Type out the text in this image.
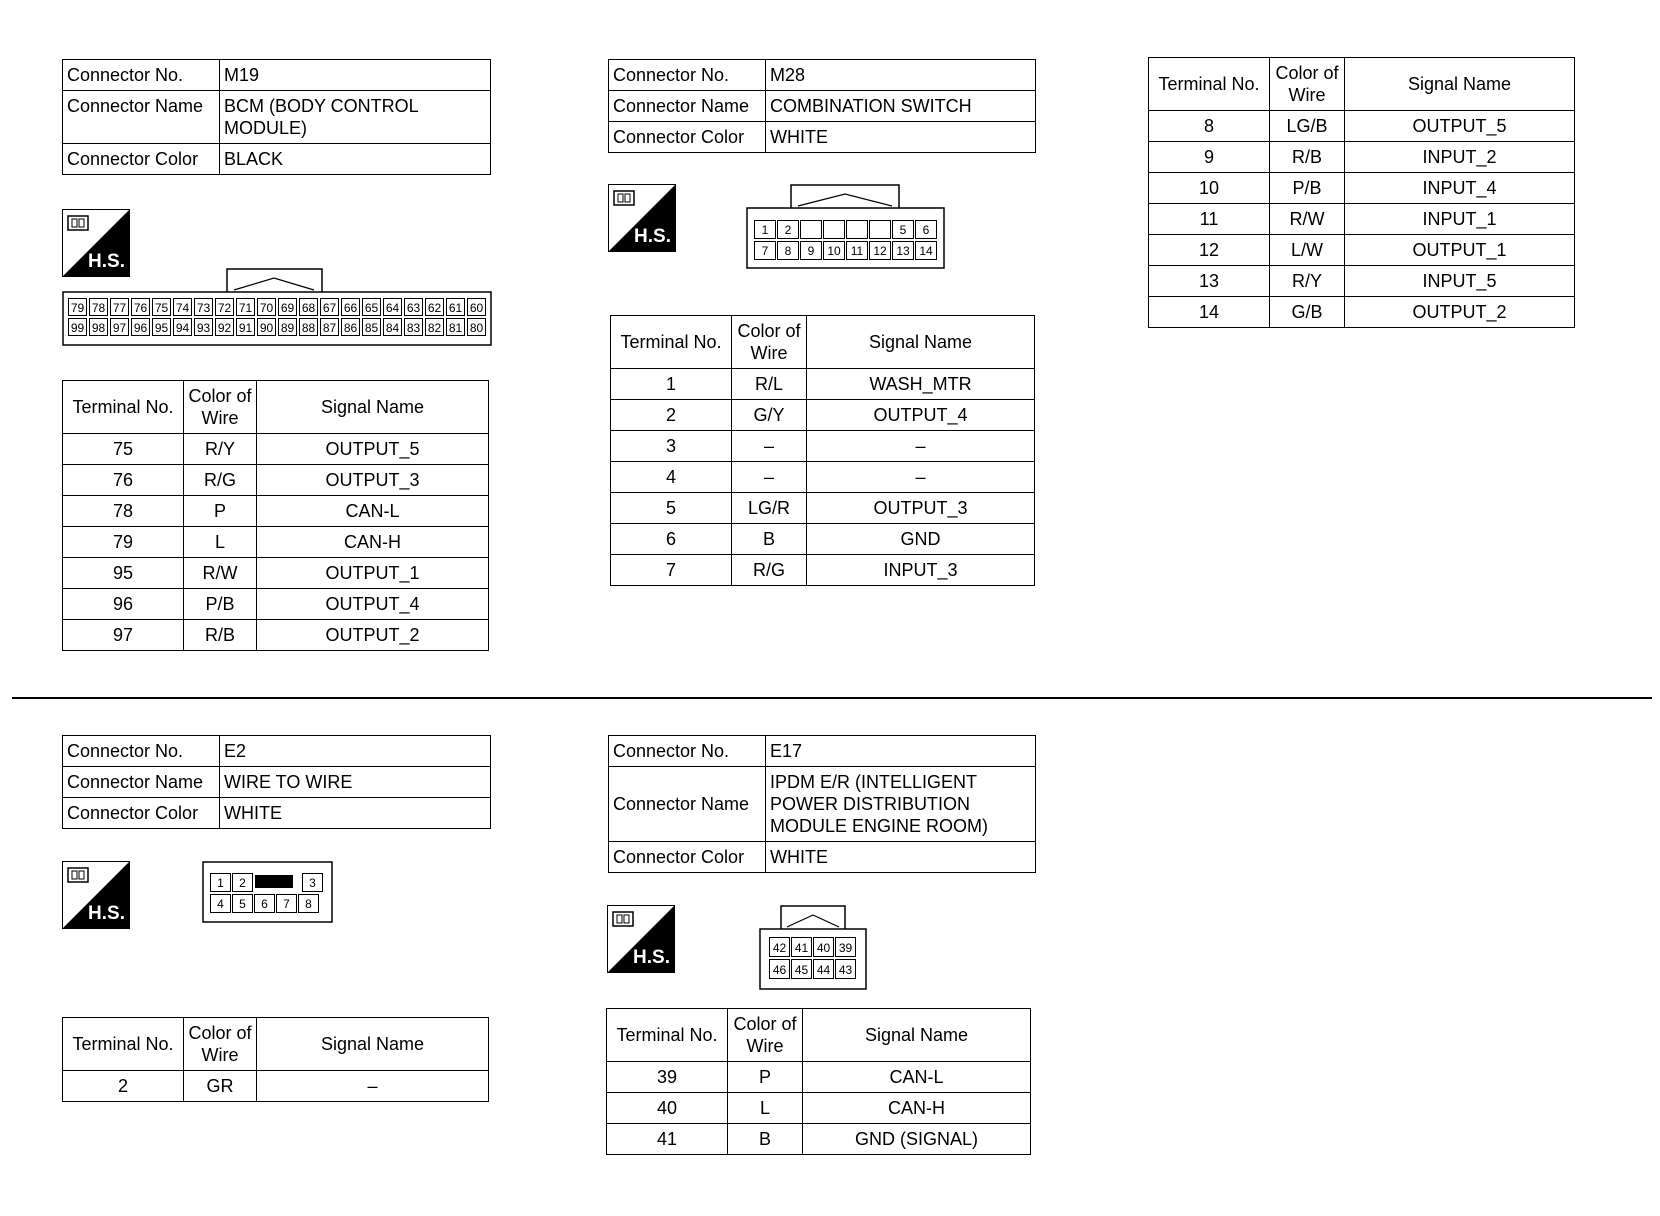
Connector No.	M19
Connector Name	BCM (BODY CONTROL MODULE)
Connector Color	BLACK
H.S.
79 78 77 76 75 74 73 72 71 70 69 68 67 66 65 64 63 62 61 60
99 98 97 96 95 94 93 92 91 90 89 88 87 86 85 84 83 82 81 80
Terminal No.	Color of Wire	Signal Name
75	R/Y	OUTPUT_5
76	R/G	OUTPUT_3
78	P	CAN-L
79	L	CAN-H
95	R/W	OUTPUT_1
96	P/B	OUTPUT_4
97	R/B	OUTPUT_2
Connector No.	M28
Connector Name	COMBINATION SWITCH
Connector Color	WHITE
H.S.	1	2	5	6
7	8	9	10 11 12 13 14
Terminal No.	Color of Wire	Signal Name
1	R/L	WASH_MTR
2	G/Y	OUTPUT_4
3	–	–
4	–	–
5	LG/R	OUTPUT_3
6	B	GND
7	R/G	INPUT_3
Terminal No.	Color of Wire	Signal Name
8	LG/B	OUTPUT_5
9	R/B	INPUT_2
10	P/B	INPUT_4
11	R/W	INPUT_1
12	L/W	OUTPUT_1
13	R/Y	INPUT_5
14	G/B	OUTPUT_2
Connector No.	E2
Connector Name	WIRE TO WIRE
Connector Color	WHITE
H.S.
1	2	3
4	5	6	7	8
Terminal No.	Color of Wire	Signal Name
2	GR	–
Connector No.	E17
Connector Name	IPDM E/R (INTELLIGENT POWER DISTRIBUTION MODULE ENGINE ROOM)
Connector Color	WHITE
H.S.	42 41 40 39
46 45 44 43
Terminal No.	Color of Wire	Signal Name
39	P	CAN-L
40	L	CAN-H
41	B	GND (SIGNAL)
